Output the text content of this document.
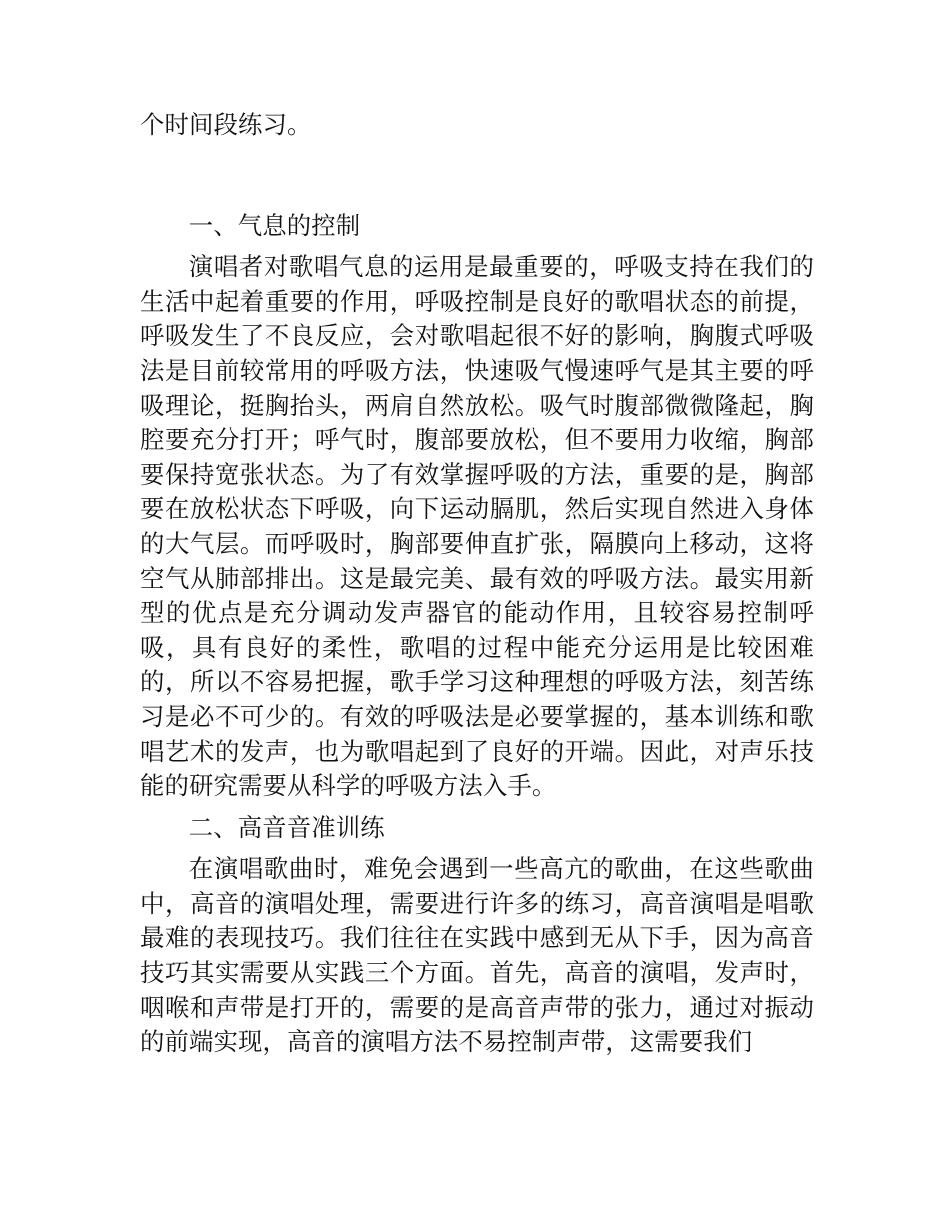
个时间段练习。

一、气息的控制

演唱者对歌唱气息的运用是最重要的，呼吸支持在我们的生活中起着重要的作用，呼吸控制是良好的歌唱状态的前提，呼吸发生了不良反应，会对歌唱起很不好的影响，胸腹式呼吸法是目前较常用的呼吸方法，快速吸气慢速呼气是其主要的呼吸理论，挺胸抬头，两肩自然放松。吸气时腹部微微隆起，胸腔要充分打开；呼气时，腹部要放松，但不要用力收缩，胸部要保持宽张状态。为了有效掌握呼吸的方法，重要的是，胸部要在放松状态下呼吸，向下运动膈肌，然后实现自然进入身体的大气层。而呼吸时，胸部要伸直扩张，隔膜向上移动，这将空气从肺部排出。这是最完美、最有效的呼吸方法。最实用新型的优点是充分调动发声器官的能动作用，且较容易控制呼吸，具有良好的柔性，歌唱的过程中能充分运用是比较困难的，所以不容易把握，歌手学习这种理想的呼吸方法，刻苦练习是必不可少的。有效的呼吸法是必要掌握的，基本训练和歌唱艺术的发声，也为歌唱起到了良好的开端。因此，对声乐技能的研究需要从科学的呼吸方法入手。

二、高音音准训练

在演唱歌曲时，难免会遇到一些高亢的歌曲，在这些歌曲中，高音的演唱处理，需要进行许多的练习，高音演唱是唱歌最难的表现技巧。我们往往在实践中感到无从下手，因为高音技巧其实需要从实践三个方面。首先，高音的演唱，发声时，咽喉和声带是打开的，需要的是高音声带的张力，通过对振动的前端实现，高音的演唱方法不易控制声带，这需要我们
